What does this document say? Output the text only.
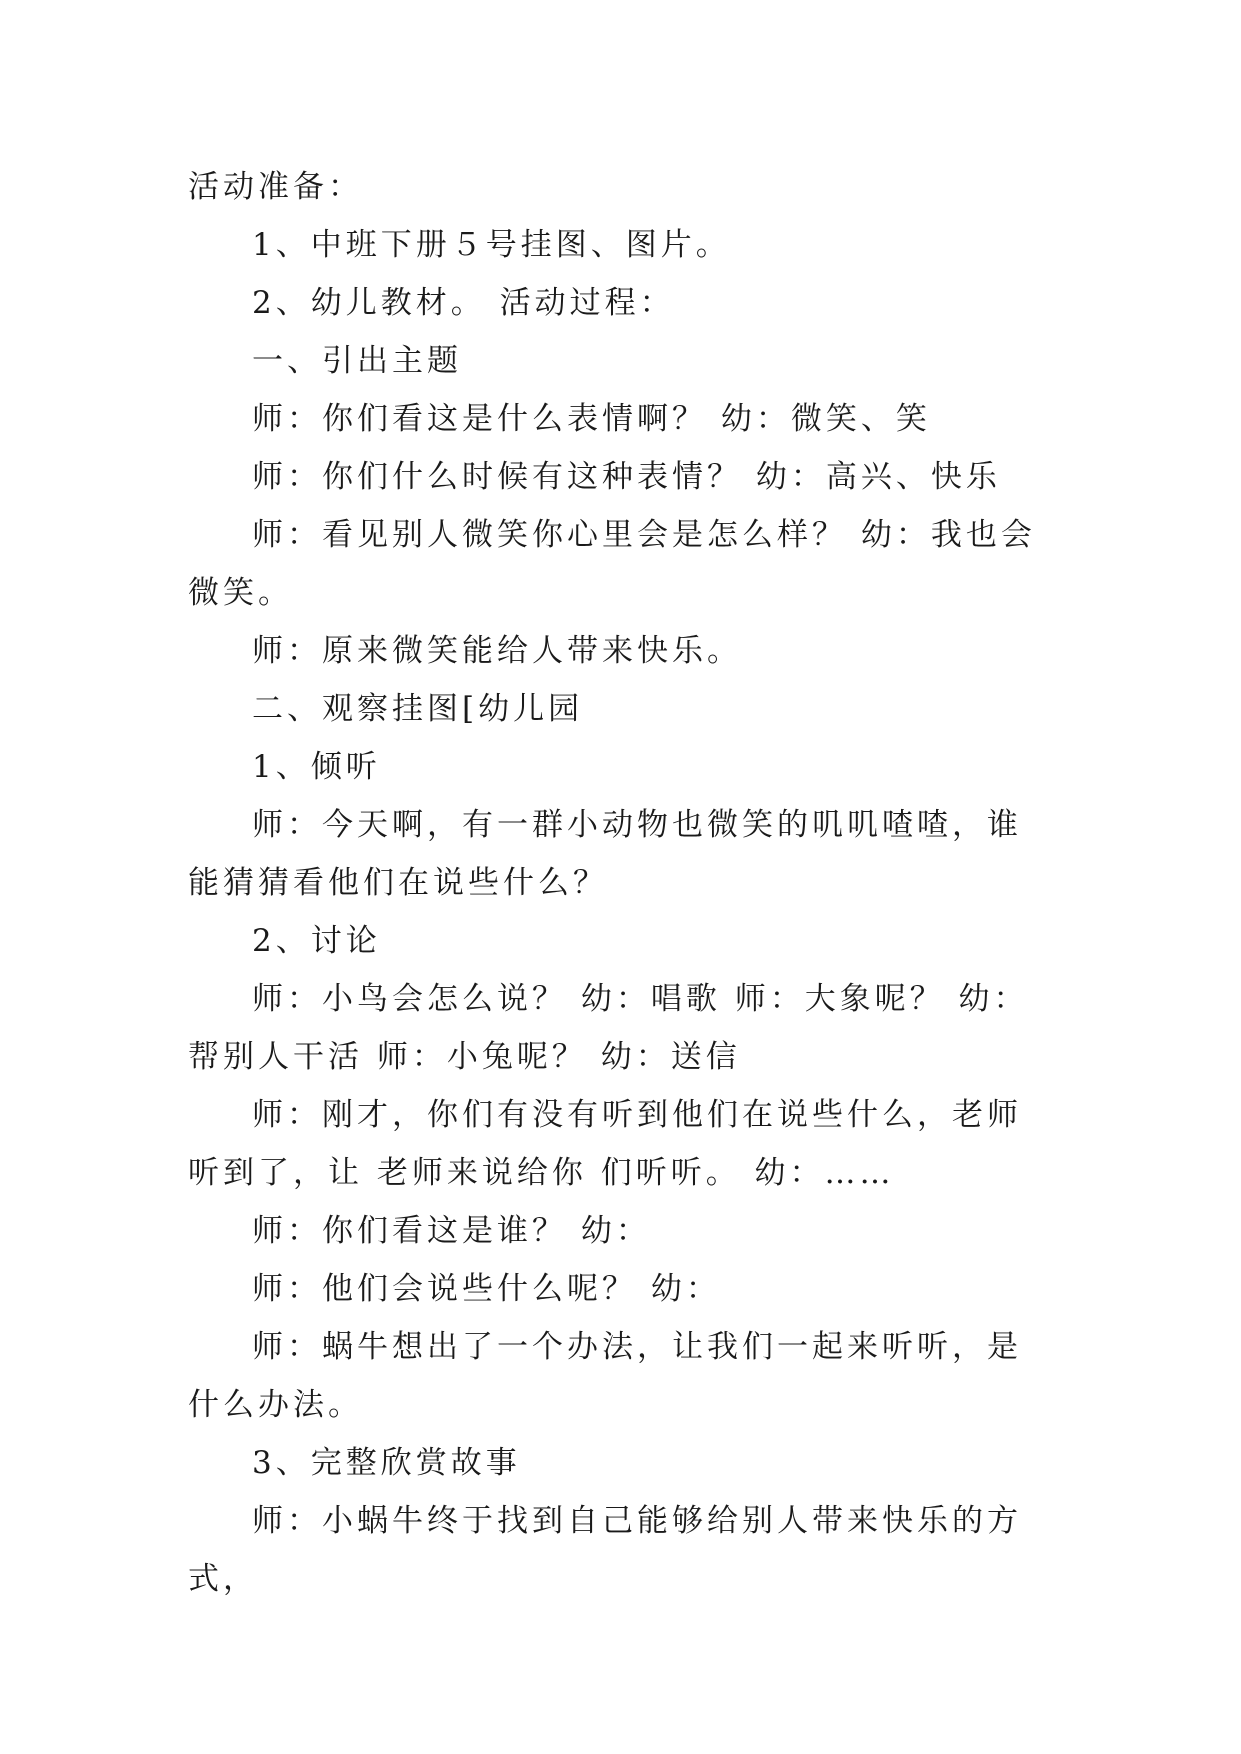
活动准备：

1、中班下册５号挂图、图片。

2、幼儿教材。 活动过程：

一、引出主题

师：你们看这是什么表情啊？ 幼：微笑、笑

师：你们什么时候有这种表情？ 幼：高兴、快乐

师：看见别人微笑你心里会是怎么样？ 幼：我也会微笑。

师：原来微笑能给人带来快乐。

二、观察挂图[幼儿园

1、倾听

师：今天啊，有一群小动物也微笑的叽叽喳喳，谁能猜猜看他们在说些什么？

2、讨论

师：小鸟会怎么说？ 幼：唱歌 师：大象呢？ 幼：帮别人干活 师：小兔呢？ 幼：送信

师：刚才，你们有没有听到他们在说些什么，老师听到了，让 老师来说给你 们听听。 幼：……

师：你们看这是谁？ 幼：

师：他们会说些什么呢？ 幼：

师：蜗牛想出了一个办法，让我们一起来听听，是什么办法。

3、完整欣赏故事

师：小蜗牛终于找到自己能够给别人带来快乐的方式，
